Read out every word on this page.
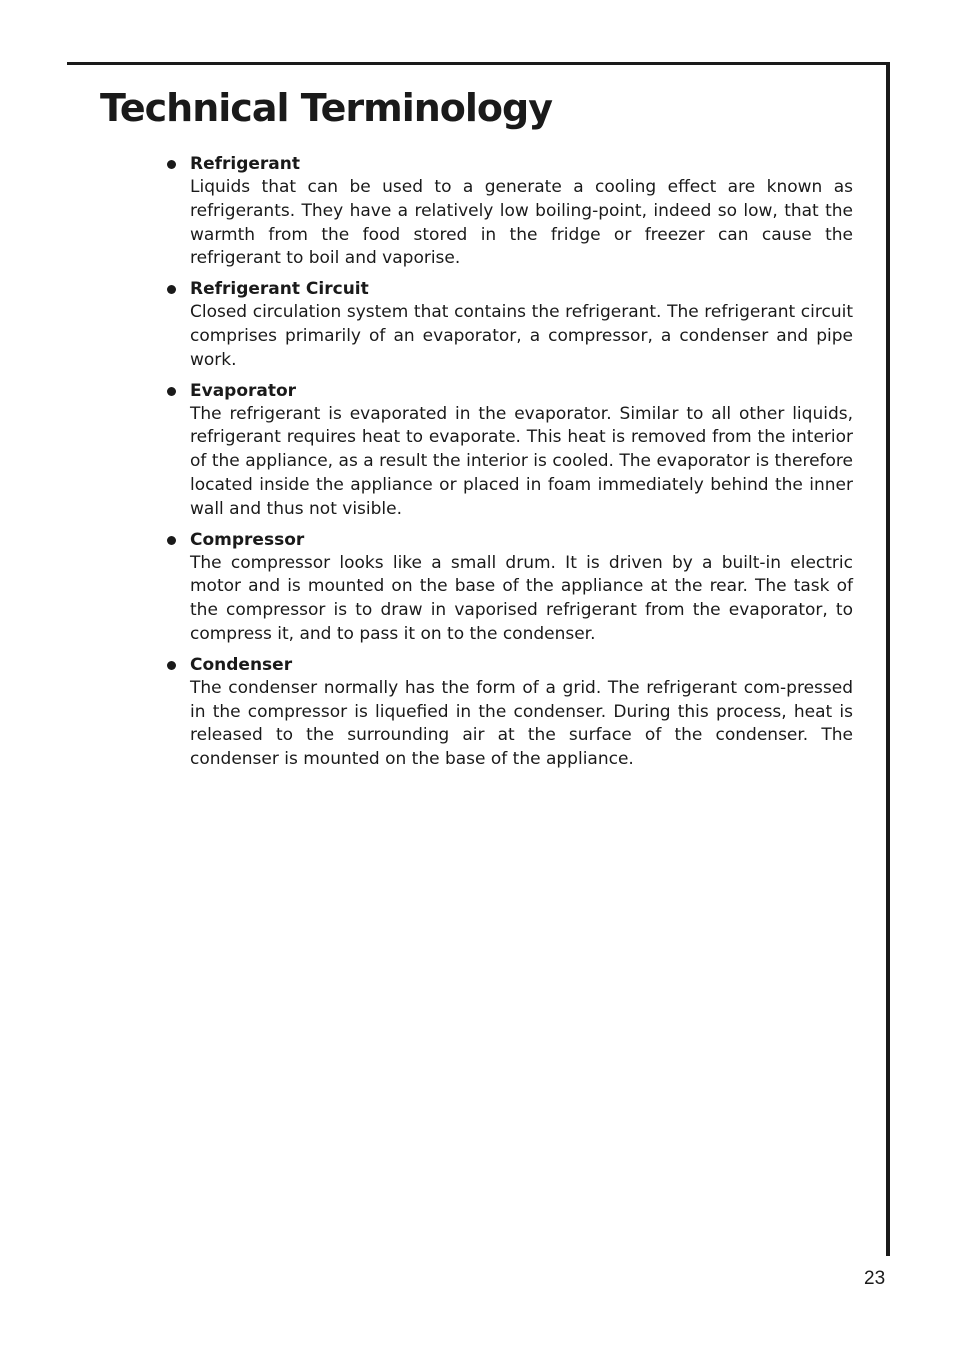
Technical Terminology
Refrigerant
Liquids that can be used to a generate a cooling effect are known as refrigerants. They have a relatively low boiling-point, indeed so low, that the warmth from the food stored in the fridge or freezer can cause the refrigerant to boil and vaporise.
Refrigerant Circuit
Closed circulation system that contains the refrigerant. The refrigerant circuit comprises primarily of an evaporator, a compressor, a condenser and pipe work.
Evaporator
The refrigerant is evaporated in the evaporator. Similar to all other liquids, refrigerant requires heat to evaporate. This heat is removed from the interior of the appliance, as a result the interior is cooled. The evaporator is therefore located inside the appliance or placed in foam immediately behind the inner wall and thus not visible.
Compressor
The compressor looks like a small drum. It is driven by a built-in electric motor and is mounted on the base of the appliance at the rear. The task of the compressor is to draw in vaporised refrigerant from the evaporator, to compress it, and to pass it on to the condenser.
Condenser
The condenser normally has the form of a grid. The refrigerant com-pressed in the compressor is liquefied in the condenser. During this process, heat is released to the surrounding air at the surface of the condenser. The condenser is mounted on the base of the appliance.
23
